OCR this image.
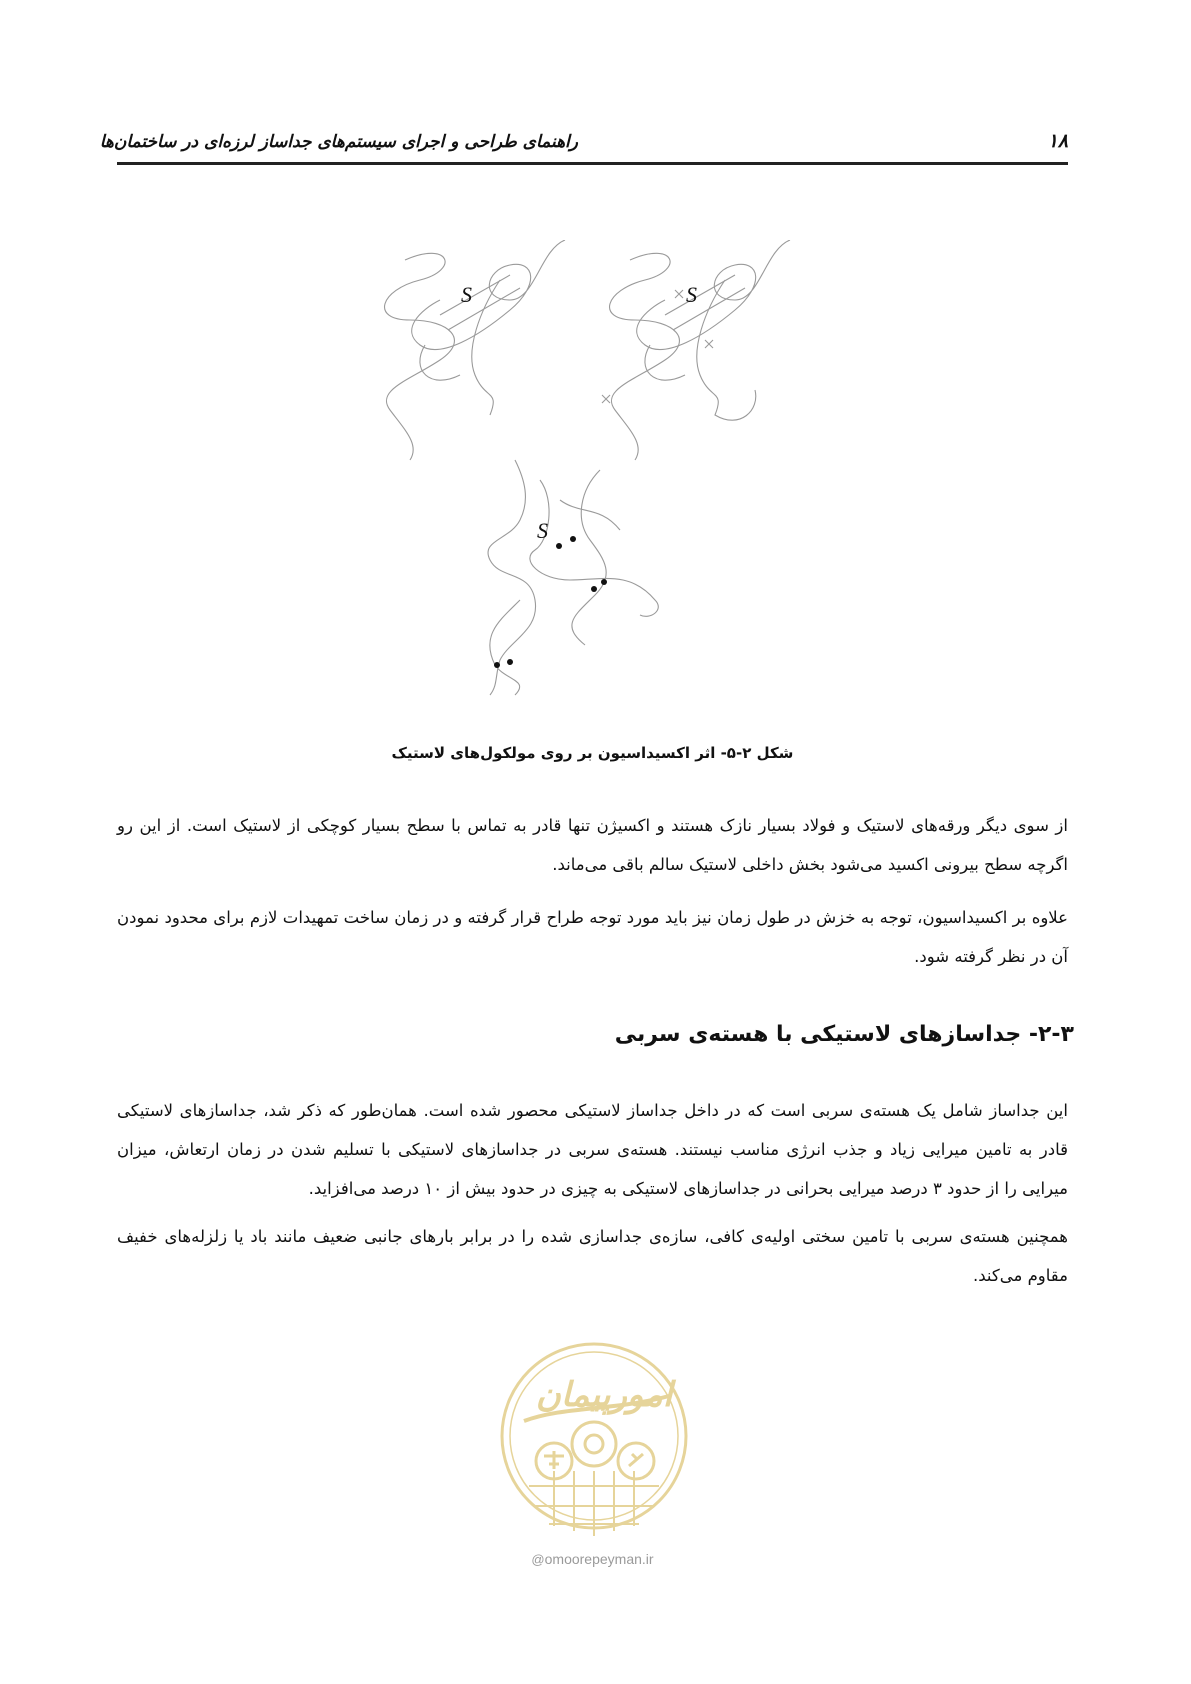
راهنمای طراحی و اجرای سیستم‌های جداساز لرزه‌ای در ساختمان‌ها	۱۸
S	S
S
شکل ۲-۵- اثر اکسیداسیون بر روی مولکول‌های لاستیک

از سوی دیگر ورقه‌های لاستیک و فولاد بسیار نازک هستند و اکسیژن تنها قادر به تماس با سطح بسیار کوچکی از لاستیک است. از این رو اگرچه سطح بیرونی اکسید می‌شود بخش داخلی لاستیک سالم باقی می‌ماند.

علاوه بر اکسیداسیون، توجه به خزش در طول زمان نیز باید مورد توجه طراح قرار گرفته و در زمان ساخت تمهیدات لازم برای محدود نمودن آن در نظر گرفته شود.

۲-۳- جداسازهای لاستیکی با هسته‌ی سربی

این جداساز شامل یک هسته‌ی سربی است که در داخل جداساز لاستیکی محصور شده است. همان‌طور که ذکر شد، جداسازهای لاستیکی قادر به تامین میرایی زیاد و جذب انرژی مناسب نیستند. هسته‌ی سربی در جداسازهای لاستیکی با تسلیم شدن در زمان ارتعاش، میزان میرایی را از حدود ۳ درصد میرایی بحرانی در جداسازهای لاستیکی به چیزی در حدود بیش از ۱۰ درصد می‌افزاید.

همچنین هسته‌ی سربی با تامین سختی اولیه‌ی کافی، سازه‌ی جداسازی شده را در برابر بارهای جانبی ضعیف مانند باد یا زلزله‌های خفیف مقاوم می‌کند.

امورپیمان
@omoorepeyman.ir
